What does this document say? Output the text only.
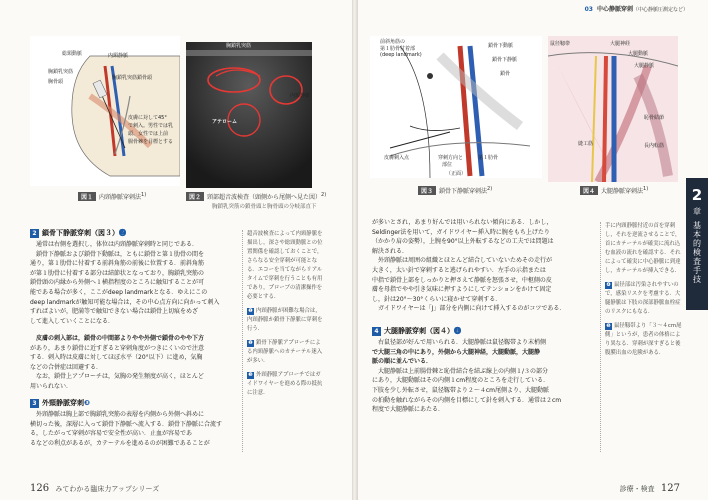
総頸動脈	内頸静脈
胸鎖乳突筋
胸鎖乳突筋鎖骨頭
胸骨頭
皮膚に対して45°
で刺入。男性では乳
頭、女性では上前
腸骨棘を目標とする
図１ 内頸静脈穿刺法$^{1)}$
胸鎖乳突筋
内頸静脈
アテローム
図２ 頸部超音波検査（頭側から尾側へ見た図）$^{2)}$
胸鎖乳突筋の鎖骨頭と胸骨頭の分岐部直下
2 鎖骨下静脈穿刺（図３）❷⃝

　通常は右側を選択し，体位は内頸静脈穿刺時と同じである．

　鎖骨下静脈および鎖骨下動脈は，ともに鎖骨と第１肋骨の間を

通り，第１肋骨に付着する前斜角筋の前後に位置する．前斜角筋

が第１肋骨に付着する部分は結節状となっており，胸鎖乳突筋の

鎖骨頭の内縁から外側へ１横指程度のところに触知することが可

能である場合が多く，ここがdeep landmarkとなる．ゆえにこの

deep landmarkが触知可能な場合は，その中心点方向に向かって刺入

すればよいが，肥満等で触知できない場合は鎖骨上切痕をめざ

して進入していくことになる．

　皮膚の刺入部は，鎖骨の中間部よりやや外側で鎖骨のやや下方

があり，あまり鎖骨に近すぎると穿刺角度がつきにくいので注意

する．刺入時は皮膚に対してほぼ水平（20°以下）に進め，気胸

などの合併症は回避する．

　なお，鎖骨上アプローチは，気胸の発生頻度が高く，ほとんど

用いられない．

3 外頸静脈穿刺❸

　外頸静脈は胸上部で胸鎖乳突筋の表層を内側から外側へ斜めに

横切った後，深層に入って鎖骨下静脈へ流入する．鎖骨下静脈に合流す

る，したがって穿刺が容易で安全性が高い．止血が容易であ

るなどの利点があるが，カテーテルを進めるのが困難であることが

超音波検査によって内頸静脈を描出し，深さや総頸動脈との位置関係を確認しておくことで，さらなる安全穿刺が可能となる．エコーを当てながらリアルタイムで穿刺を行うことも有用であり，プローブの清潔操作を必要とする．
❶ 内頸静脈が困難な場合は，内頸静脈か鎖骨下静脈に穿刺を行う．
❷ 鎖骨下静脈アプローチによる内頸静脈へのカテーテル迷入が多い．
❸ 外頸静脈アプローチではガイドワイヤーを進める際の抵抗に注意．
126 みてわかる臨床力アップシリーズ
03 中心静脈穿刺（中心静脈圧測定など）
前斜角筋の
第１肋骨付着部
(deep landmark)
鎖骨下動脈
鎖骨下静脈
鎖骨
皮膚刺入点	穿刺方向と
部位
第１肋骨
（正面）
図３ 鎖骨下静脈穿刺法$^{2)}$
鼠径靱帯	大腿神経
大腿動脈
大腿静脈
縫工筋	長内転筋
恥骨結節
図４ 大腿静脈穿刺法$^{1)}$

が多いとされ，あまり好んでは用いられない傾向にある．しかし，

Seldinger法を用いて，ガイドワイヤー挿入時に腕をもち上げたり

（かかり肩の姿勢），上腕を90°以上外転するなどの工夫では問題は

解決される．

　外頸静脈は周囲の組織とほとんど結合していないためその走行が

大きく，太い針で穿刺すると逃げられやすい．左手の示指または

中指で鎖骨上部をしっかりと押さえて静脈を怒張させ，中枢側の皮

膚を母指でやや引き気味に押すようにしてテンションをかけて固定

し，針は20°〜30°くらいに寝かせて穿刺する．

　ガイドワイヤーは「J」部分を内側に向けて挿入するのがコツである．

4 大腿静脈穿刺（図４）❹⃝

　右鼠径部が好んで用いられる．大腿静脈は鼠径靱帯より末梢側

で大腿三角の中にあり，外側から大腿神経，大腿動脈，大腿静

脈の順に並んでいる．

　大腿静脈は上前腸骨棘と恥骨結合を結ぶ線上の内側１/３の部分

にあり，大腿動脈はその内側１cm程度のところを走行している．

下肢を少し外転させ，鼠径靱帯より２〜４cm尾側より、大腿動脈

の拍動を触れながらその内側を目標にして針を刺入する．通常は２cm

程度で大腿静脈にあたる．

手に内頸静脈付近の首を穿刺し，それを逆流させることで，首にカテーテルが確実に流れ込む血液の流れを確認する．それによって確実に中心静脈に到達し，カテーテルが挿入できる．
❹ 鼠径部は汚染されやすいので，感染リスクを考慮する．大腿静脈は下肢の深部静脈血栓症のリスクにもなる．
❺ 鼠径靱帯より「３〜４cm尾側」というが，患者の体格により異なる．穿刺が深すぎると後腹膜出血の危険がある．
2
章
基本的検査手技
診療・検査 127
